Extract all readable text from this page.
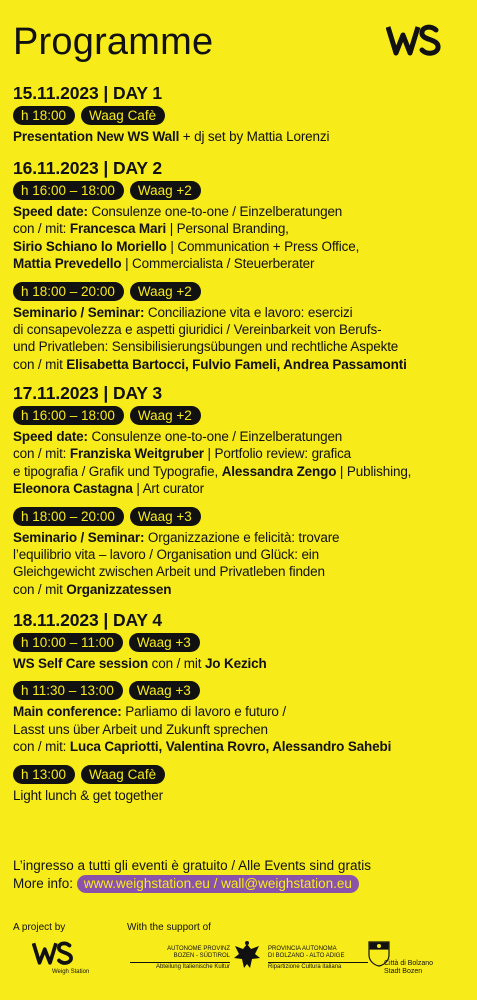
Programme
15.11.2023 | DAY 1
h 18:00	Waag Cafè
Presentation New WS Wall + dj set by Mattia Lorenzi
16.11.2023 | DAY 2
h 16:00 – 18:00	Waag +2
Speed date: Consulenze one-to-one / Einzelberatungen
con / mit: Francesca Mari | Personal Branding,
Sirio Schiano lo Moriello | Communication + Press Office,
Mattia Prevedello | Commercialista / Steuerberater
h 18:00 – 20:00	Waag +2
Seminario / Seminar: Conciliazione vita e lavoro: esercizi
di consapevolezza e aspetti giuridici / Vereinbarkeit von Berufs-
und Privatleben: Sensibilisierungsübungen und rechtliche Aspekte
con / mit Elisabetta Bartocci, Fulvio Fameli, Andrea Passamonti
17.11.2023 | DAY 3
h 16:00 – 18:00	Waag +2
Speed date: Consulenze one-to-one / Einzelberatungen
con / mit: Franziska Weitgruber | Portfolio review: grafica
e tipografia / Grafik und Typografie, Alessandra Zengo | Publishing,
Eleonora Castagna | Art curator
h 18:00 – 20:00	Waag +3
Seminario / Seminar: Organizzazione e felicità: trovare
l’equilibrio vita – lavoro / Organisation und Glück: ein
Gleichgewicht zwischen Arbeit und Privatleben finden
con / mit Organizzatessen
18.11.2023 | DAY 4
h 10:00 – 11:00	Waag +3
WS Self Care session con / mit Jo Kezich
h 11:30 – 13:00	Waag +3
Main conference: Parliamo di lavoro e futuro /
Lasst uns über Arbeit und Zukunft sprechen
con / mit: Luca Capriotti, Valentina Rovro, Alessandro Sahebi
h 13:00	Waag Cafè
Light lunch & get together
L’ingresso a tutti gli eventi è gratuito / Alle Events sind gratis
More info: www.weighstation.eu / wall@weighstation.eu
A project by
Weigh Station
With the support of
AUTONOME PROVINZ
BOZEN - SÜDTIROL
Abteilung Italienische Kultur
PROVINCIA AUTONOMA
DI BOLZANO - ALTO ADIGE
Ripartizione Cultura italiana	Città di Bolzano
Stadt Bozen
